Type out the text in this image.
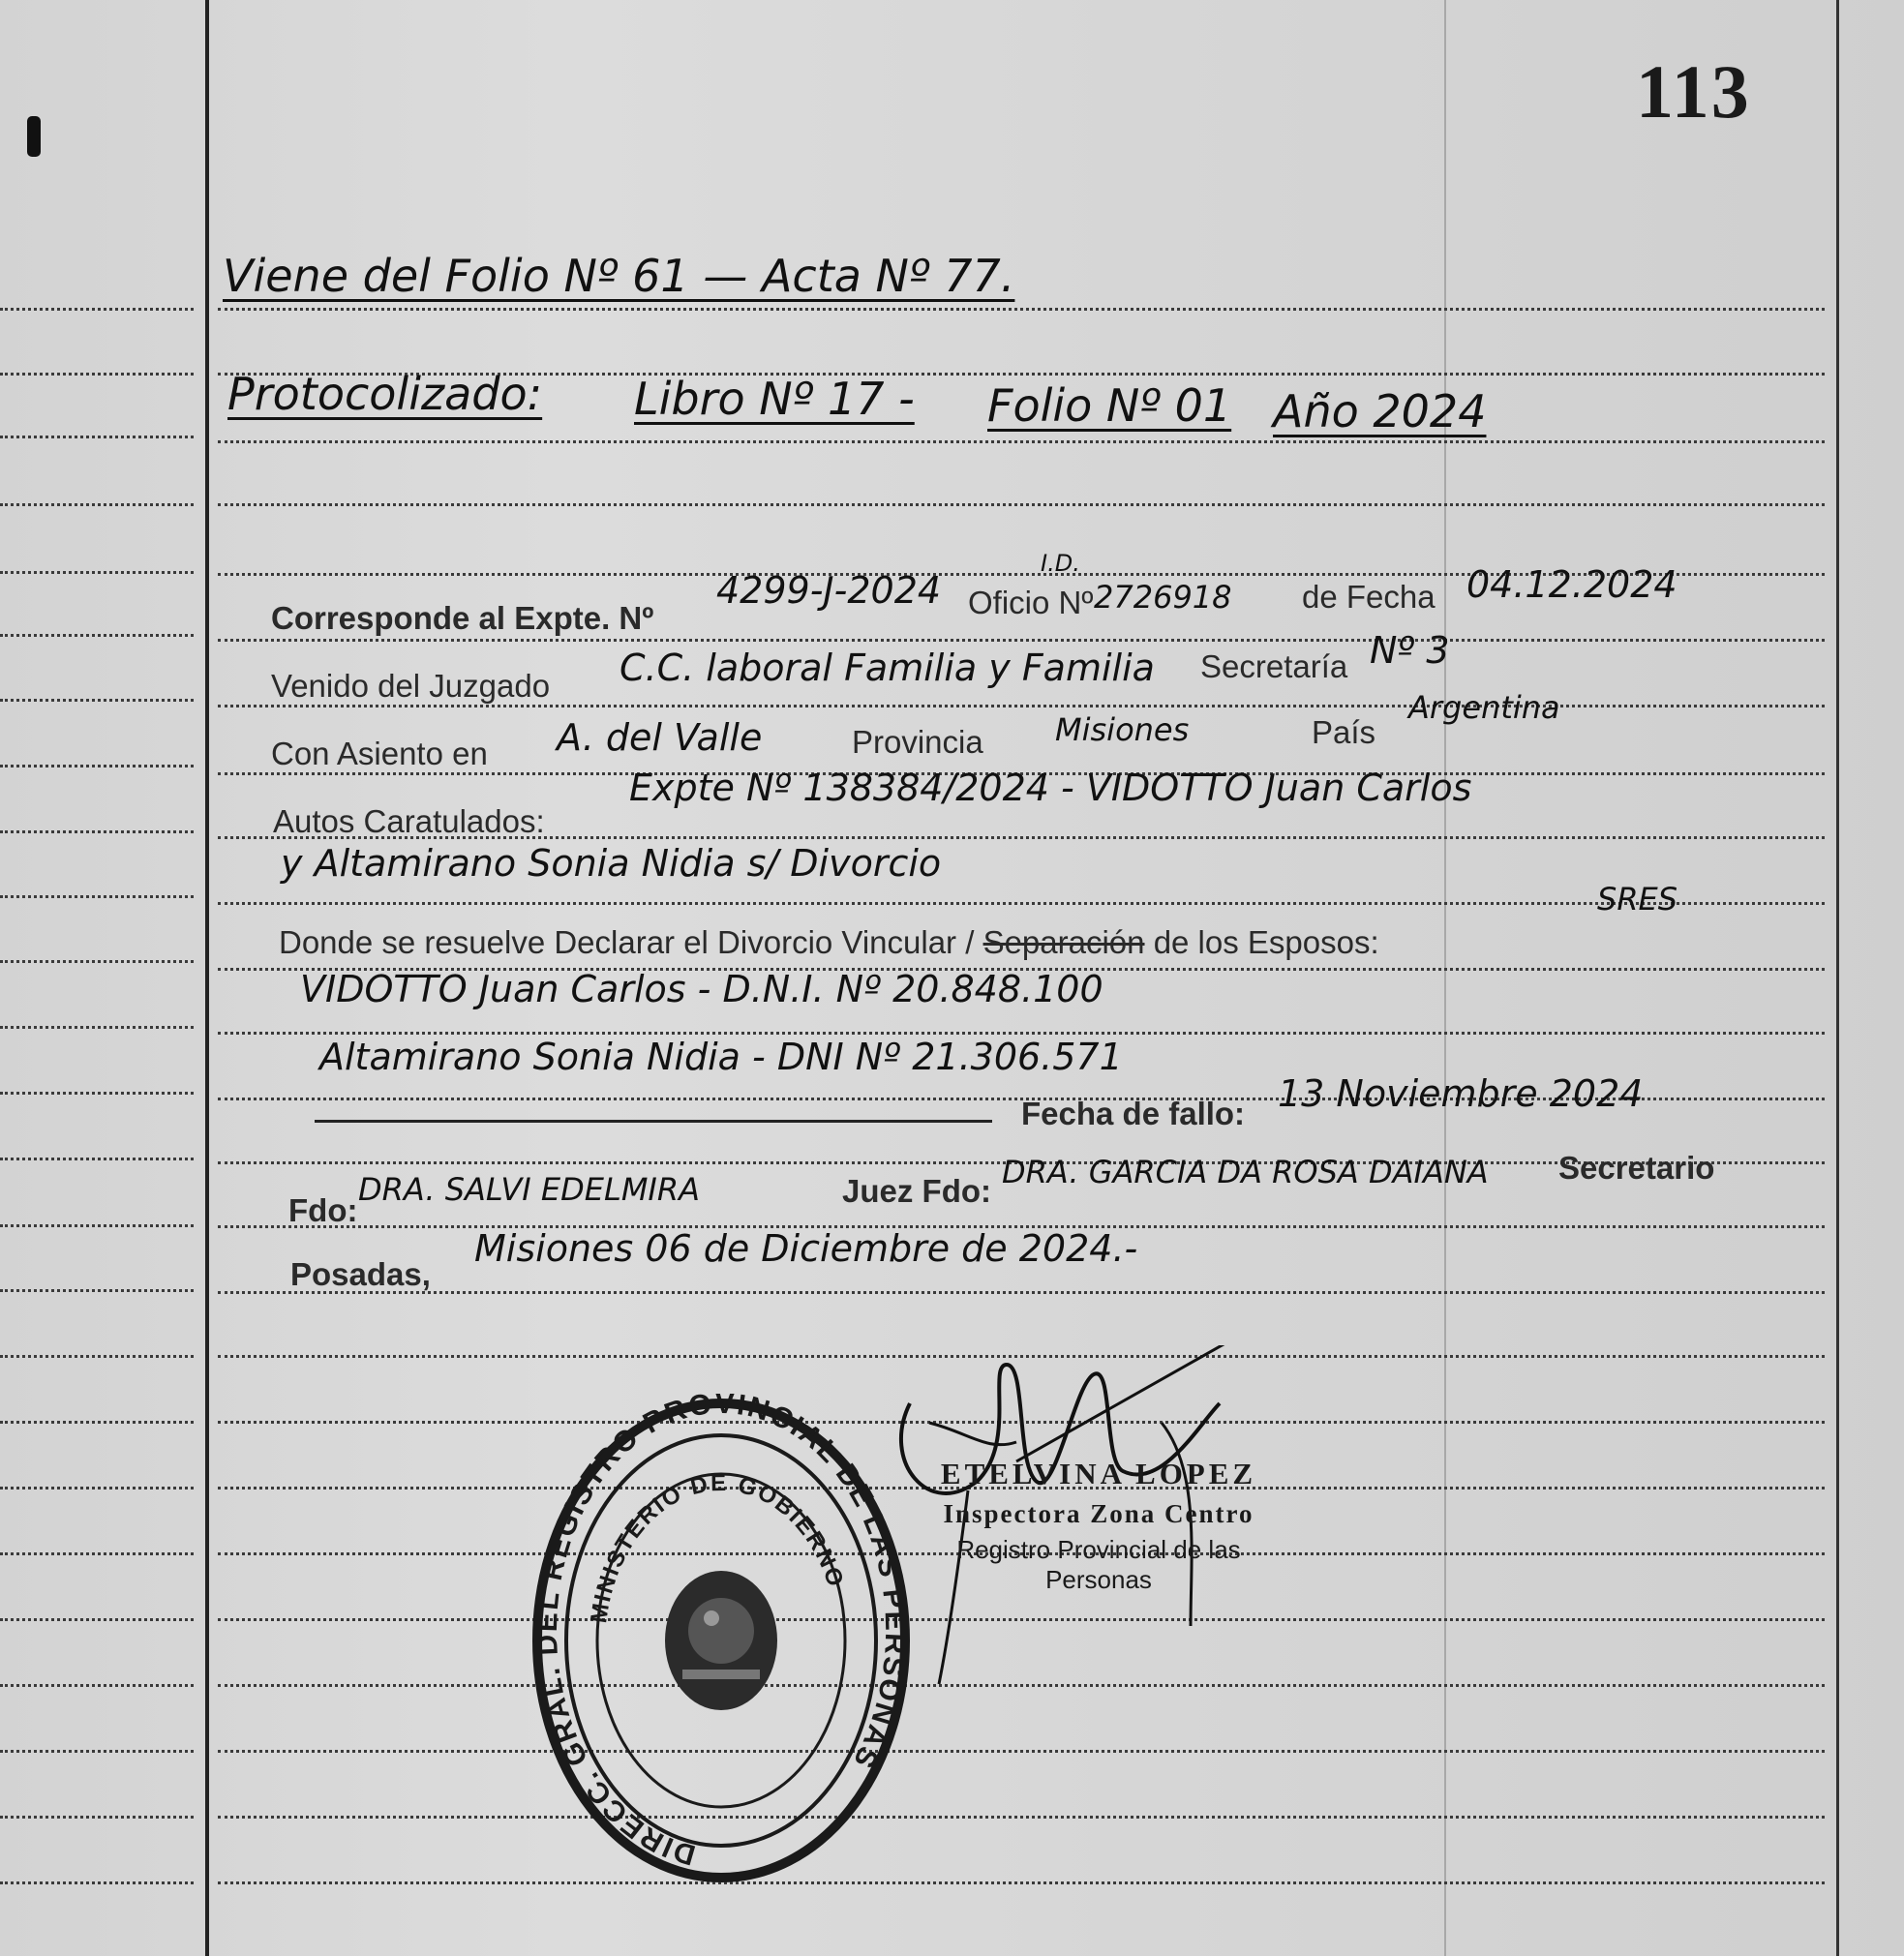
113
Viene del Folio Nº 61 — Acta Nº 77.
Protocolizado: Libro Nº 17 - Folio Nº 01 Año 2024
Corresponde al Expte. Nº
4299-J-2024 Oficio Nº
I.D.
2726918 de Fecha 04.12.2024
Venido del Juzgado C.C. laboral Familia y Familia Secretaría Nº 3
Con Asiento en A. del Valle	Provincia Misiones	País
Argentina
Autos Caratulados:
Expte Nº 138384/2024 - VIDOTTO Juan Carlos
y Altamirano Sonia Nidia s/ Divorcio
Donde se resuelve Declarar el Divorcio Vincular / Separación de los Esposos:
SRES
VIDOTTO Juan Carlos - D.N.I. Nº 20.848.100
Altamirano Sonia Nidia - DNI Nº 21.306.571
Fecha de fallo: 13 Noviembre 2024
Fdo:
DRA. SALVI EDELMIRA	Juez Fdo:
DRA. GARCIA DA ROSA DAIANA Secretario
Posadas,
Misiones 06 de Diciembre de 2024.-
DIRECC. GRAL. DEL REGISTRO PROVINCIAL DE LAS PERSONAS
MINISTERIO DE GOBIERNO
ETELVINA LOPEZ
Inspectora Zona Centro
Registro Provincial de las Personas
